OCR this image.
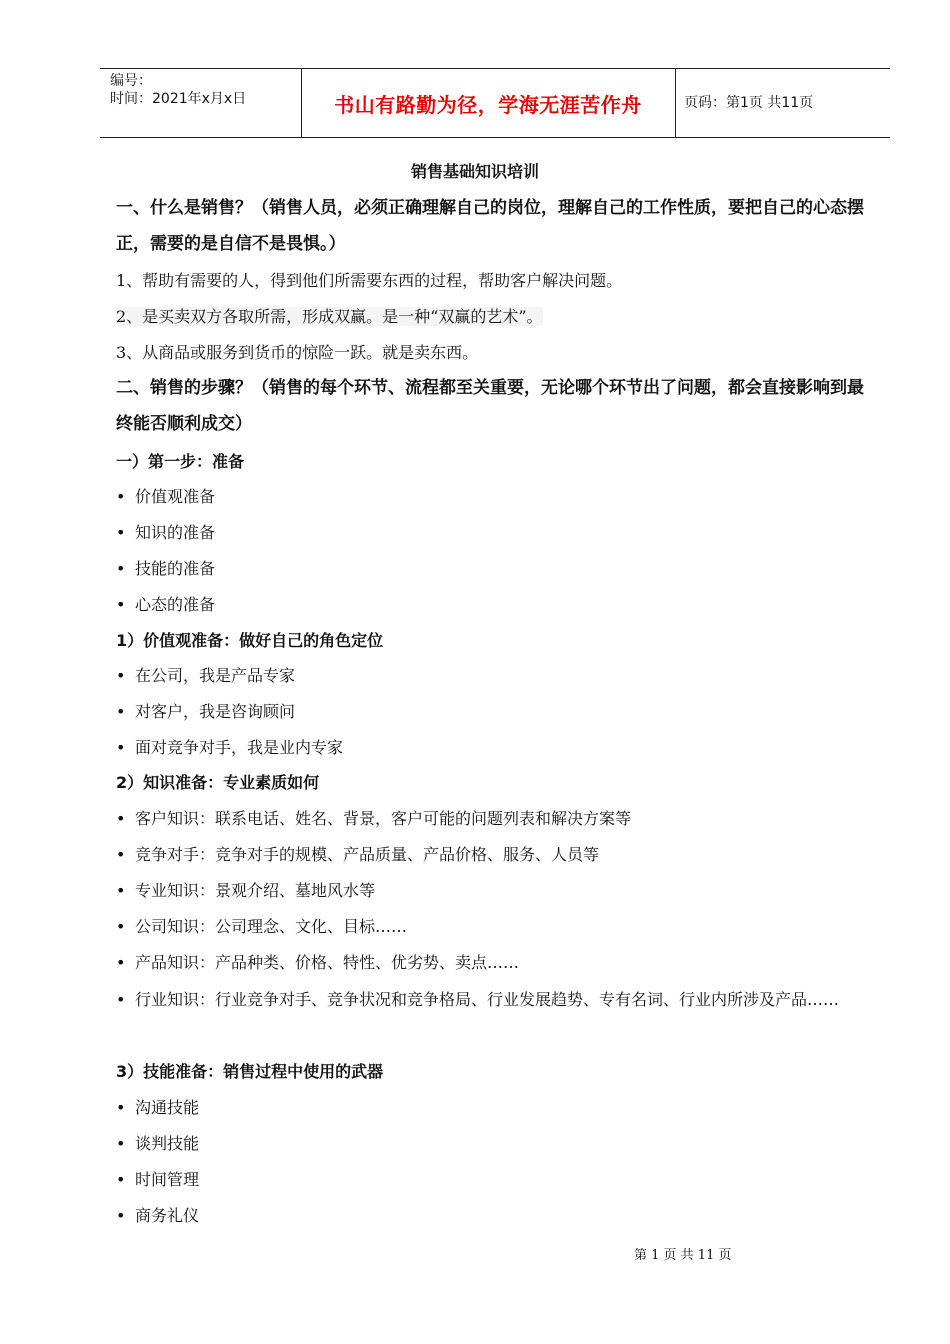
编号：
时间：2021年x月x日	书山有路勤为径，学海无涯苦作舟	页码：第1页 共11页
销售基础知识培训
一、什么是销售？（销售人员，必须正确理解自己的岗位，理解自己的工作性质，要把自己的心态摆正，需要的是自信不是畏惧。）
1、帮助有需要的人，得到他们所需要东西的过程，帮助客户解决问题。
2、是买卖双方各取所需，形成双赢。是一种“双赢的艺术”。
3、从商品或服务到货币的惊险一跃。就是卖东西。
二、销售的步骤？（销售的每个环节、流程都至关重要，无论哪个环节出了问题，都会直接影响到最终能否顺利成交）
一）第一步：准备
• 价值观准备
• 知识的准备
• 技能的准备
• 心态的准备
1）价值观准备：做好自己的角色定位
• 在公司，我是产品专家
• 对客户，我是咨询顾问
• 面对竞争对手，我是业内专家
2）知识准备：专业素质如何
• 客户知识：联系电话、姓名、背景，客户可能的问题列表和解决方案等
• 竞争对手：竞争对手的规模、产品质量、产品价格、服务、人员等
• 专业知识：景观介绍、墓地风水等
• 公司知识：公司理念、文化、目标……
• 产品知识：产品种类、价格、特性、优劣势、卖点……
• 行业知识：行业竞争对手、竞争状况和竞争格局、行业发展趋势、专有名词、行业内所涉及产品……
3）技能准备：销售过程中使用的武器
• 沟通技能
• 谈判技能
• 时间管理
• 商务礼仪
第 1 页 共 11 页
